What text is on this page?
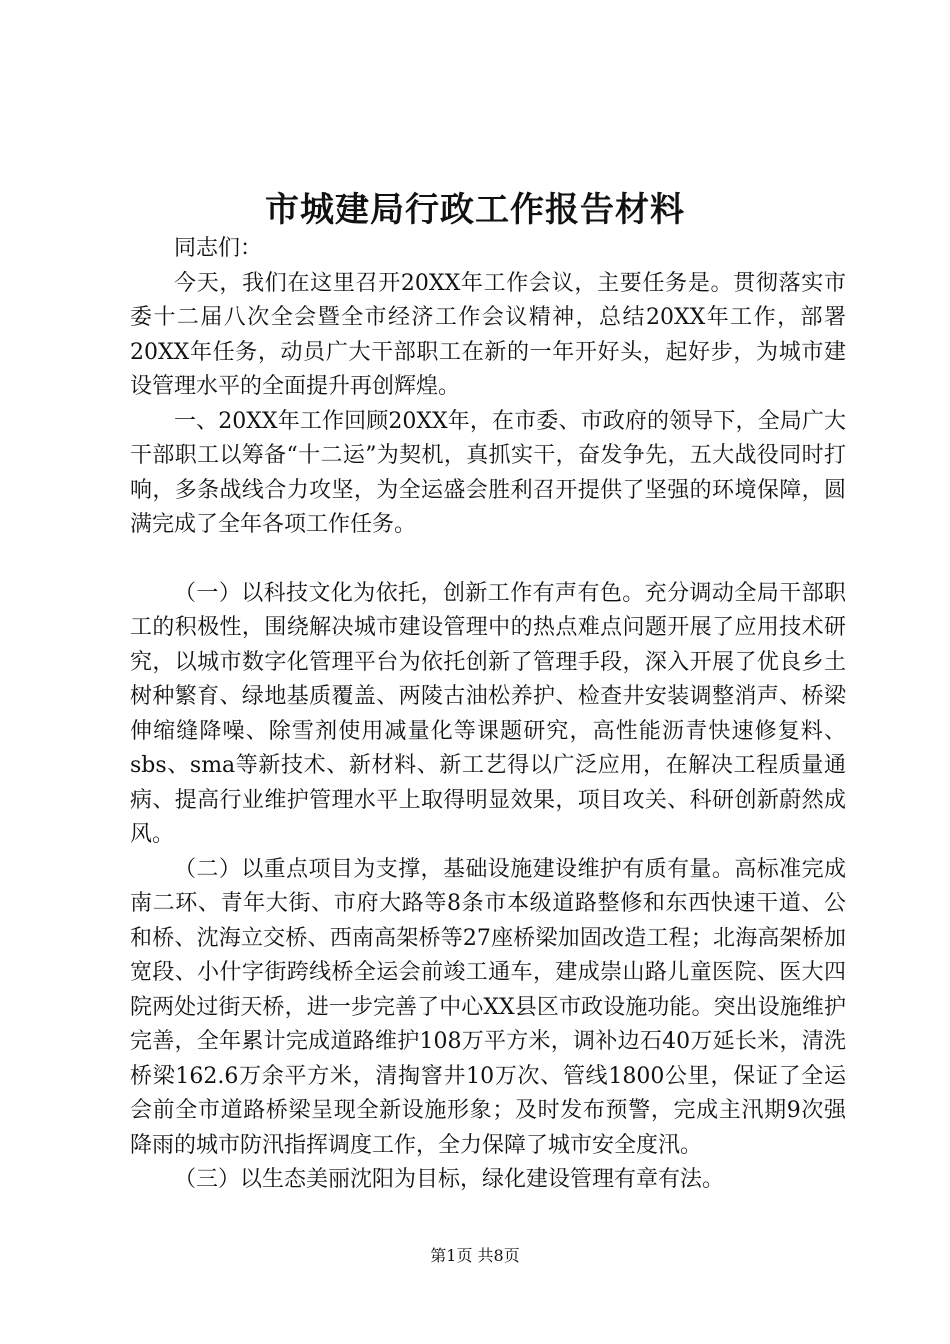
市城建局行政工作报告材料

同志们：

今天，我们在这里召开20XX年工作会议，主要任务是。贯彻落实市委十二届八次全会暨全市经济工作会议精神，总结20XX年工作，部署20XX年任务，动员广大干部职工在新的一年开好头，起好步，为城市建设管理水平的全面提升再创辉煌。

一、20XX年工作回顾20XX年，在市委、市政府的领导下，全局广大干部职工以筹备“十二运”为契机，真抓实干，奋发争先，五大战役同时打响，多条战线合力攻坚，为全运盛会胜利召开提供了坚强的环境保障，圆满完成了全年各项工作任务。

（一）以科技文化为依托，创新工作有声有色。充分调动全局干部职工的积极性，围绕解决城市建设管理中的热点难点问题开展了应用技术研究，以城市数字化管理平台为依托创新了管理手段，深入开展了优良乡土树种繁育、绿地基质覆盖、两陵古油松养护、检查井安装调整消声、桥梁伸缩缝降噪、除雪剂使用减量化等课题研究，高性能沥青快速修复料、sbs、sma等新技术、新材料、新工艺得以广泛应用，在解决工程质量通病、提高行业维护管理水平上取得明显效果，项目攻关、科研创新蔚然成风。

（二）以重点项目为支撑，基础设施建设维护有质有量。高标准完成南二环、青年大街、市府大路等8条市本级道路整修和东西快速干道、公和桥、沈海立交桥、西南高架桥等27座桥梁加固改造工程；北海高架桥加宽段、小什字街跨线桥全运会前竣工通车，建成崇山路儿童医院、医大四院两处过街天桥，进一步完善了中心XX县区市政设施功能。突出设施维护完善，全年累计完成道路维护108万平方米，调补边石40万延长米，清洗桥梁162.6万余平方米，清掏窨井10万次、管线1800公里，保证了全运会前全市道路桥梁呈现全新设施形象；及时发布预警，完成主汛期9次强降雨的城市防汛指挥调度工作，全力保障了城市安全度汛。

（三）以生态美丽沈阳为目标，绿化建设管理有章有法。

第1页 共8页
